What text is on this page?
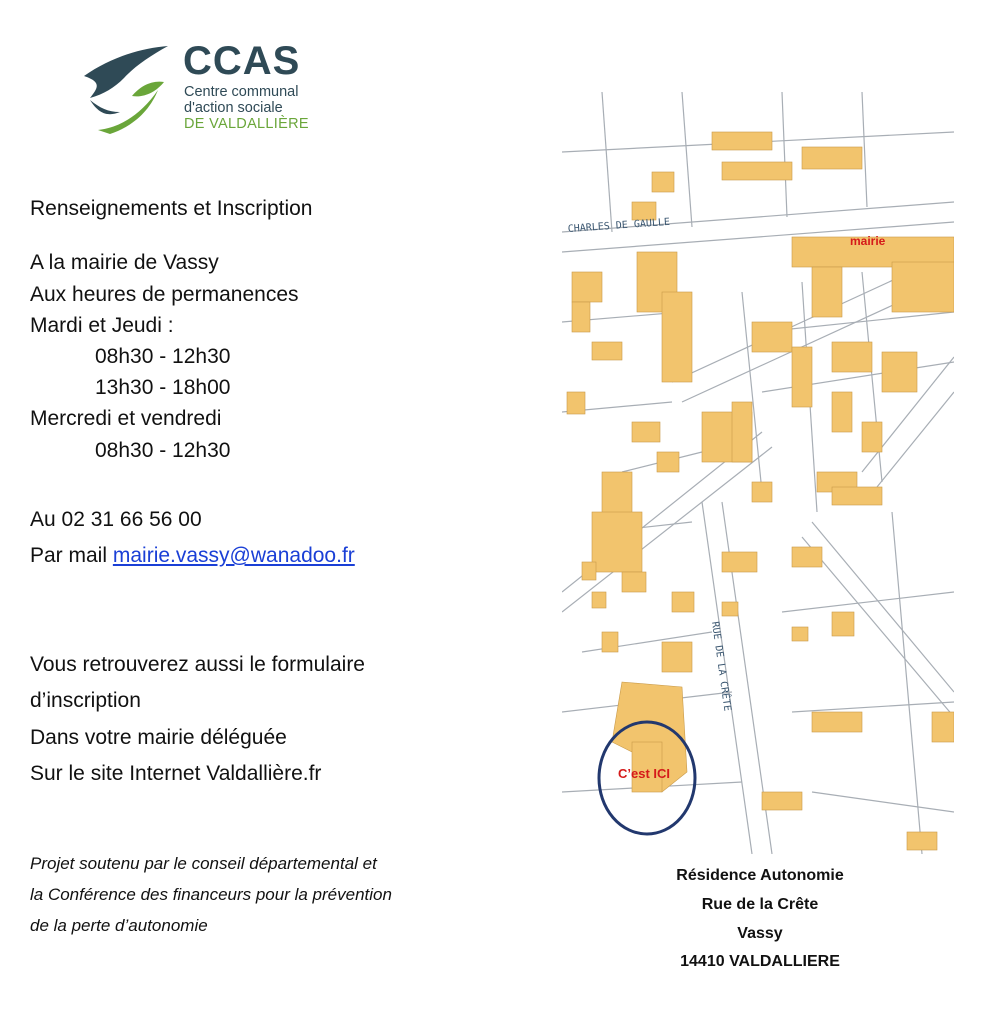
CCAS
Centre communal
d'action sociale
DE VALDALLIÈRE
Renseignements et Inscription
A la mairie de Vassy
Aux heures de permanences
Mardi et Jeudi :
08h30 - 12h30
13h30 - 18h00
Mercredi et vendredi
08h30 - 12h30
Au 02 31 66 56 00
Par mail mairie.vassy@wanadoo.fr
Vous retrouverez aussi le formulaire
d’inscription
Dans votre mairie déléguée
Sur le site Internet Valdallière.fr
Projet soutenu par le conseil départemental et
la Conférence des financeurs pour la prévention
de la perte d’autonomie
CHARLES DE GAULLE
RUE DE LA CRÊTE
mairie
C’est ICI
Résidence Autonomie
Rue de la Crête
Vassy
14410 VALDALLIERE
